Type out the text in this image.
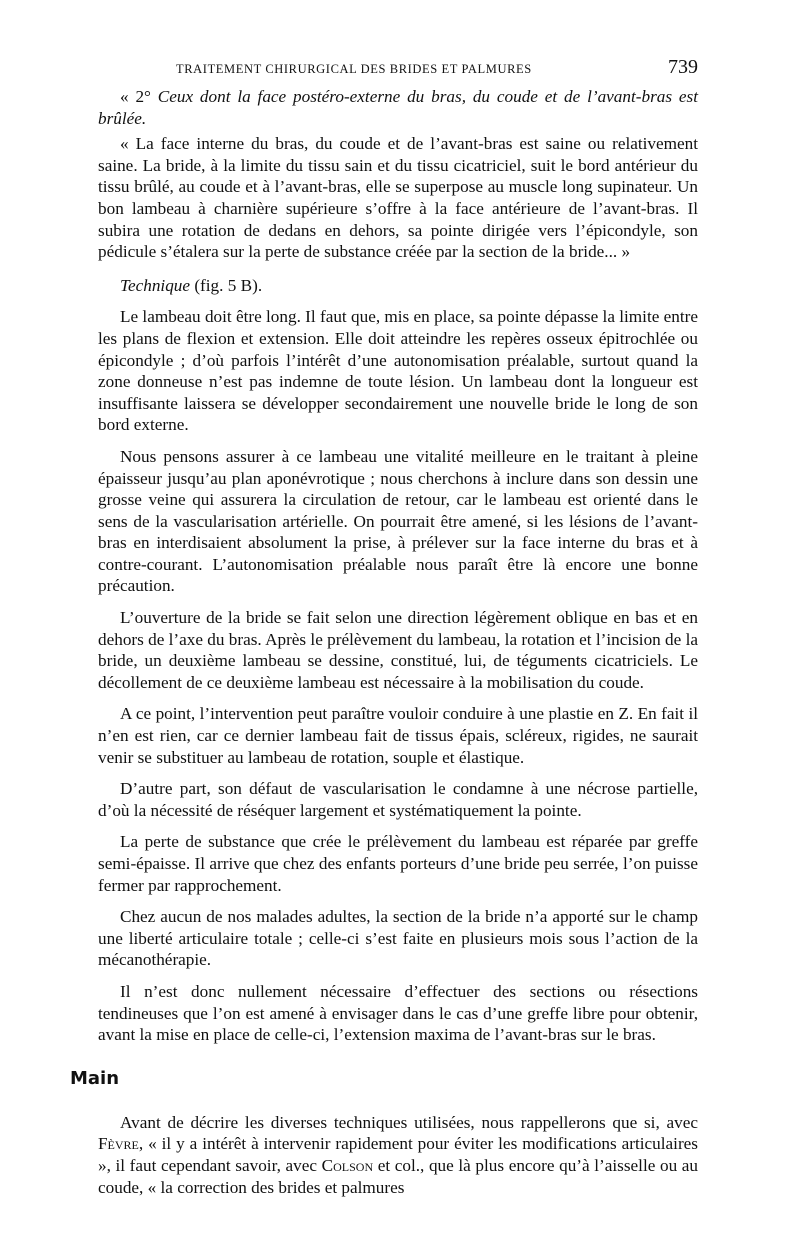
TRAITEMENT CHIRURGICAL DES BRIDES ET PALMURES	739

« 2° Ceux dont la face postéro-externe du bras, du coude et de l’avant-bras est brûlée.

« La face interne du bras, du coude et de l’avant-bras est saine ou relativement saine. La bride, à la limite du tissu sain et du tissu cicatriciel, suit le bord antérieur du tissu brûlé, au coude et à l’avant-bras, elle se superpose au muscle long supinateur. Un bon lambeau à charnière supérieure s’offre à la face antérieure de l’avant-bras. Il subira une rotation de dedans en dehors, sa pointe dirigée vers l’épicondyle, son pédicule s’étalera sur la perte de substance créée par la section de la bride... »

Technique (fig. 5 B).

Le lambeau doit être long. Il faut que, mis en place, sa pointe dépasse la limite entre les plans de flexion et extension. Elle doit atteindre les repères osseux épitrochlée ou épicondyle ; d’où parfois l’intérêt d’une autonomisation préalable, surtout quand la zone donneuse n’est pas indemne de toute lésion. Un lambeau dont la longueur est insuffisante laissera se développer secondairement une nouvelle bride le long de son bord externe.

Nous pensons assurer à ce lambeau une vitalité meilleure en le traitant à pleine épaisseur jusqu’au plan aponévrotique ; nous cherchons à inclure dans son dessin une grosse veine qui assurera la circulation de retour, car le lambeau est orienté dans le sens de la vascularisation artérielle. On pourrait être amené, si les lésions de l’avant-bras en interdisaient absolument la prise, à prélever sur la face interne du bras et à contre-courant. L’autonomisation préalable nous paraît être là encore une bonne précaution.

L’ouverture de la bride se fait selon une direction légèrement oblique en bas et en dehors de l’axe du bras. Après le prélèvement du lambeau, la rotation et l’incision de la bride, un deuxième lambeau se dessine, constitué, lui, de téguments cicatriciels. Le décollement de ce deuxième lambeau est nécessaire à la mobilisation du coude.

A ce point, l’intervention peut paraître vouloir conduire à une plastie en Z. En fait il n’en est rien, car ce dernier lambeau fait de tissus épais, scléreux, rigides, ne saurait venir se substituer au lambeau de rotation, souple et élastique.

D’autre part, son défaut de vascularisation le condamne à une nécrose partielle, d’où la nécessité de réséquer largement et systématiquement la pointe.

La perte de substance que crée le prélèvement du lambeau est réparée par greffe semi-épaisse. Il arrive que chez des enfants porteurs d’une bride peu serrée, l’on puisse fermer par rapprochement.

Chez aucun de nos malades adultes, la section de la bride n’a apporté sur le champ une liberté articulaire totale ; celle-ci s’est faite en plusieurs mois sous l’action de la mécanothérapie.

Il n’est donc nullement nécessaire d’effectuer des sections ou résections tendineuses que l’on est amené à envisager dans le cas d’une greffe libre pour obtenir, avant la mise en place de celle-ci, l’extension maxima de l’avant-bras sur le bras.

Main

Avant de décrire les diverses techniques utilisées, nous rappellerons que si, avec Fèvre, « il y a intérêt à intervenir rapidement pour éviter les modifications articulaires », il faut cependant savoir, avec Colson et col., que là plus encore qu’à l’aisselle ou au coude, « la correction des brides et palmures
